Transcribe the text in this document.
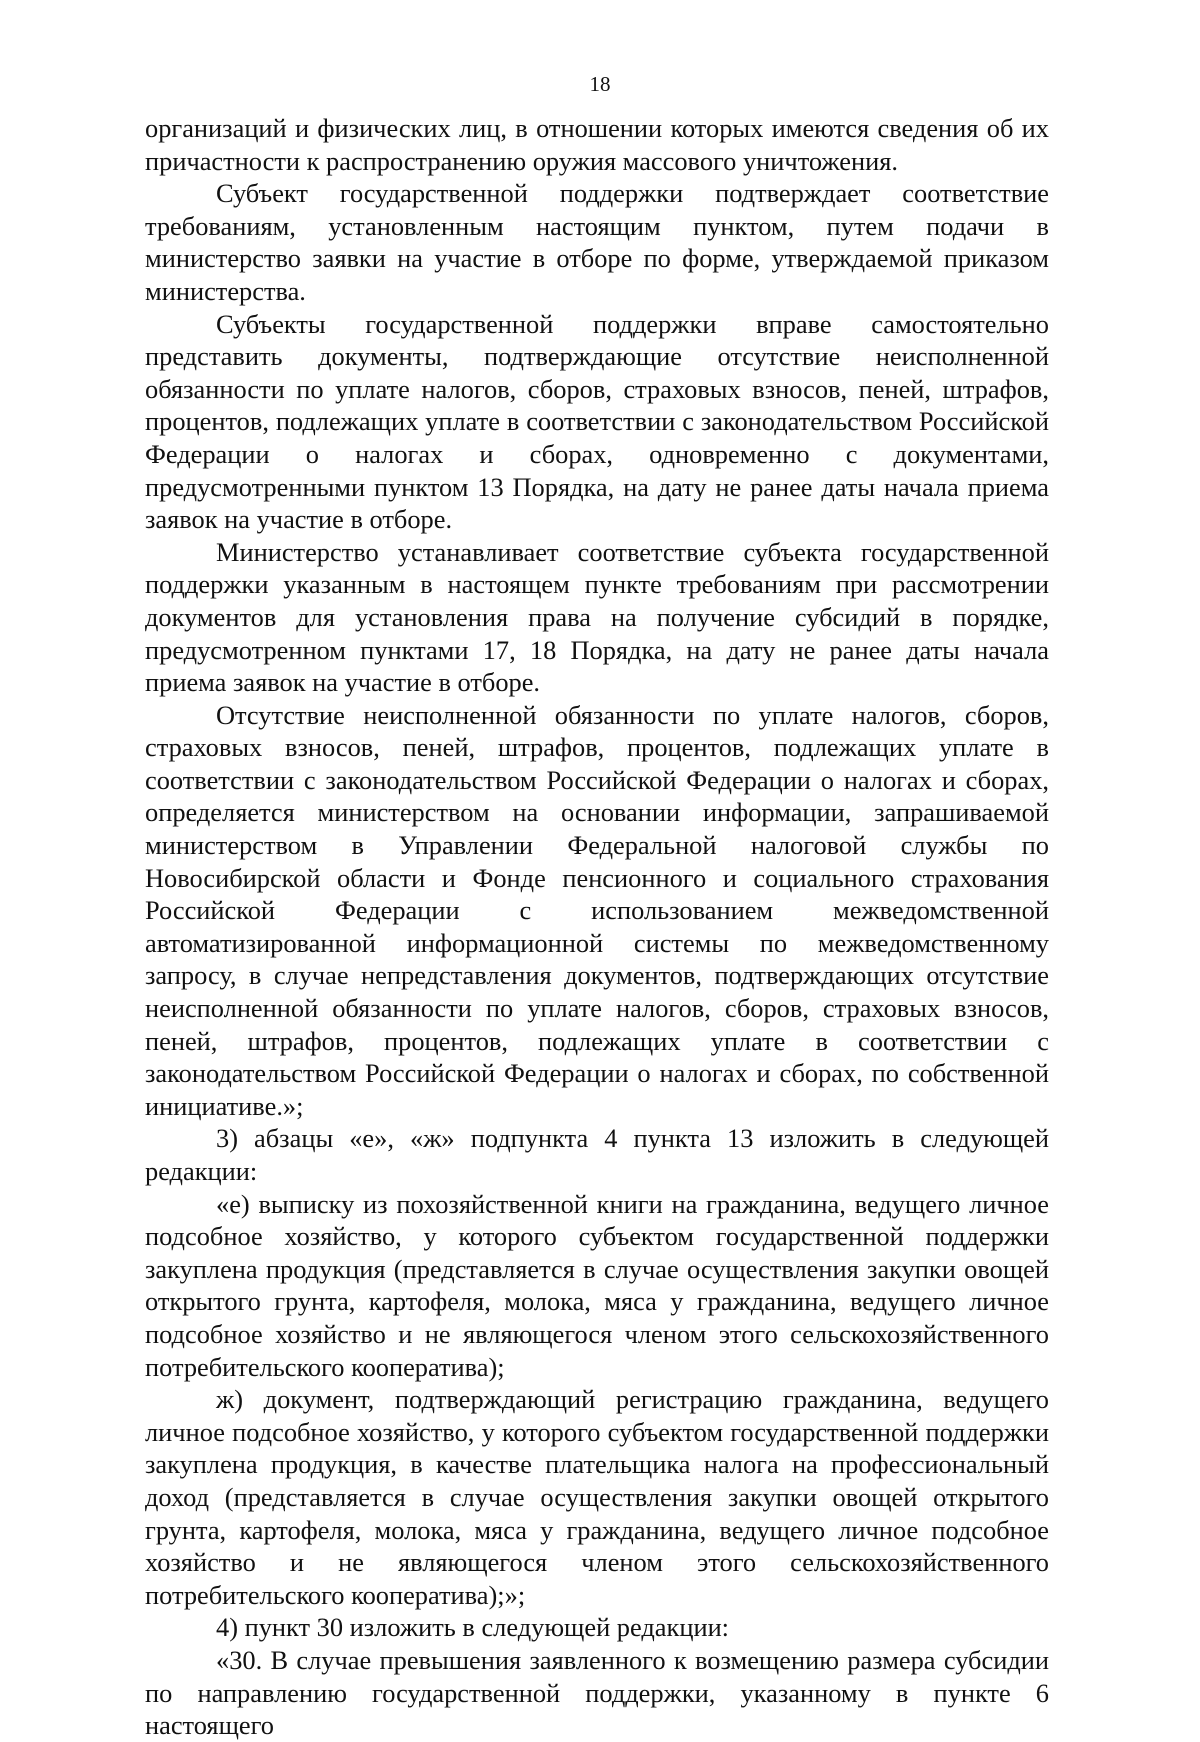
18

организаций и физических лиц, в отношении которых имеются сведения об их причастности к распространению оружия массового уничтожения.

Субъект государственной поддержки подтверждает соответствие требованиям, установленным настоящим пунктом, путем подачи в министерство заявки на участие в отборе по форме, утверждаемой приказом министерства.

Субъекты государственной поддержки вправе самостоятельно представить документы, подтверждающие отсутствие неисполненной обязанности по уплате налогов, сборов, страховых взносов, пеней, штрафов, процентов, подлежащих уплате в соответствии с законодательством Российской Федерации о налогах и сборах, одновременно с документами, предусмотренными пунктом 13 Порядка, на дату не ранее даты начала приема заявок на участие в отборе.

Министерство устанавливает соответствие субъекта государственной поддержки указанным в настоящем пункте требованиям при рассмотрении документов для установления права на получение субсидий в порядке, предусмотренном пунктами 17, 18 Порядка, на дату не ранее даты начала приема заявок на участие в отборе.

Отсутствие неисполненной обязанности по уплате налогов, сборов, страховых взносов, пеней, штрафов, процентов, подлежащих уплате в соответствии с законодательством Российской Федерации о налогах и сборах, определяется министерством на основании информации, запрашиваемой министерством в Управлении Федеральной налоговой службы по Новосибирской области и Фонде пенсионного и социального страхования Российской Федерации с использованием межведомственной автоматизированной информационной системы по межведомственному запросу, в случае непредставления документов, подтверждающих отсутствие неисполненной обязанности по уплате налогов, сборов, страховых взносов, пеней, штрафов, процентов, подлежащих уплате в соответствии с законодательством Российской Федерации о налогах и сборах, по собственной инициативе.»;

3) абзацы «е», «ж» подпункта 4 пункта 13 изложить в следующей редакции:

«е) выписку из похозяйственной книги на гражданина, ведущего личное подсобное хозяйство, у которого субъектом государственной поддержки закуплена продукция (представляется в случае осуществления закупки овощей открытого грунта, картофеля, молока, мяса у гражданина, ведущего личное подсобное хозяйство и не являющегося членом этого сельскохозяйственного потребительского кооператива);

ж) документ, подтверждающий регистрацию гражданина, ведущего личное подсобное хозяйство, у которого субъектом государственной поддержки закуплена продукция, в качестве плательщика налога на профессиональный доход (представляется в случае осуществления закупки овощей открытого грунта, картофеля, молока, мяса у гражданина, ведущего личное подсобное хозяйство и не являющегося членом этого сельскохозяйственного потребительского кооператива);»;

4) пункт 30 изложить в следующей редакции:

«30. В случае превышения заявленного к возмещению размера субсидии по направлению государственной поддержки, указанному в пункте 6 настоящего
